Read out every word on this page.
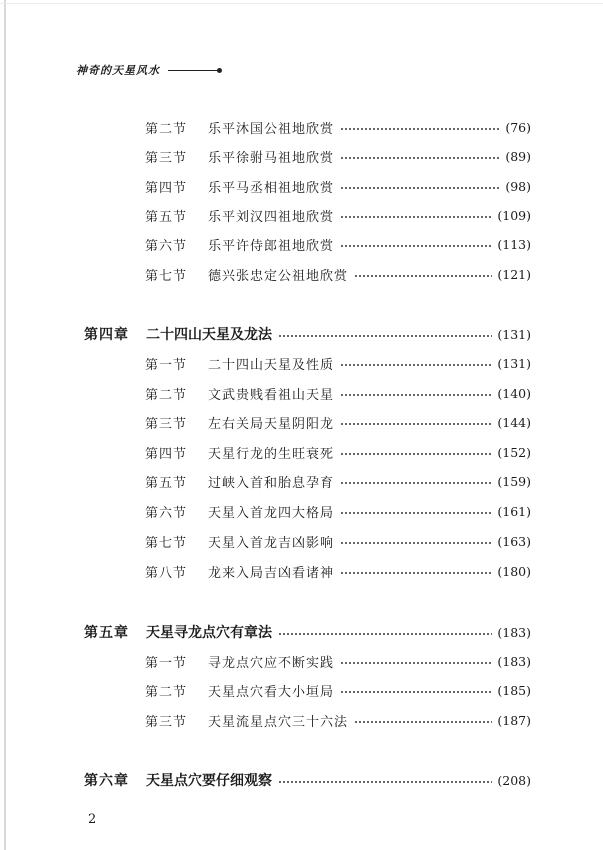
神奇的天星风水
第二节 乐平沐国公祖地欣赏	(76)
第三节 乐平徐驸马祖地欣赏	(89)
第四节 乐平马丞相祖地欣赏	(98)
第五节 乐平刘汉四祖地欣赏	(109)
第六节 乐平许侍郎祖地欣赏	(113)
第七节 德兴张忠定公祖地欣赏	(121)
第四章 二十四山天星及龙法	(131)
第一节 二十四山天星及性质	(131)
第二节 文武贵贱看祖山天星	(140)
第三节 左右关局天星阴阳龙	(144)
第四节 天星行龙的生旺衰死	(152)
第五节 过峡入首和胎息孕育	(159)
第六节 天星入首龙四大格局	(161)
第七节 天星入首龙吉凶影响	(163)
第八节 龙来入局吉凶看诸神	(180)
第五章 天星寻龙点穴有章法	(183)
第一节 寻龙点穴应不断实践	(183)
第二节 天星点穴看大小垣局	(185)
第三节 天星流星点穴三十六法	(187)
第六章 天星点穴要仔细观察	(208)
2
